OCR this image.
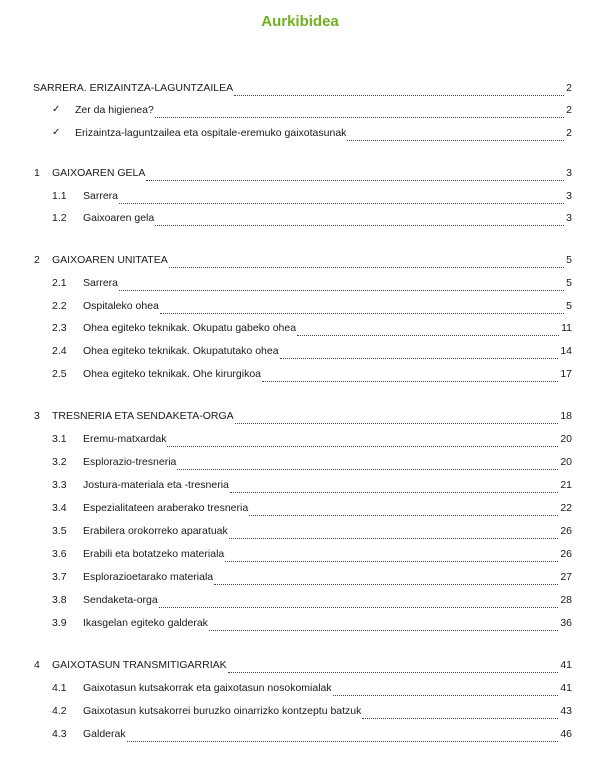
Aurkibidea
SARRERA. ERIZAINTZA-LAGUNTZAILEA	2
✓ Zer da higienea?	2
✓ Erizaintza-laguntzailea eta ospitale-eremuko gaixotasunak	2
1 GAIXOAREN GELA	3
1.1 Sarrera	3
1.2 Gaixoaren gela	3
2 GAIXOAREN UNITATEA	5
2.1 Sarrera	5
2.2 Ospitaleko ohea	5
2.3 Ohea egiteko teknikak. Okupatu gabeko ohea	11
2.4 Ohea egiteko teknikak. Okupatutako ohea	14
2.5 Ohea egiteko teknikak. Ohe kirurgikoa	17
3 TRESNERIA ETA SENDAKETA-ORGA	18
3.1 Eremu-matxardak	20
3.2 Esplorazio-tresneria	20
3.3 Jostura-materiala eta -tresneria	21
3.4 Espezialitateen araberako tresneria	22
3.5 Erabilera orokorreko aparatuak	26
3.6 Erabili eta botatzeko materiala	26
3.7 Esplorazioetarako materiala	27
3.8 Sendaketa-orga	28
3.9 Ikasgelan egiteko galderak	36
4 GAIXOTASUN TRANSMITIGARRIAK	41
4.1 Gaixotasun kutsakorrak eta gaixotasun nosokomialak	41
4.2 Gaixotasun kutsakorrei buruzko oinarrizko kontzeptu batzuk	43
4.3 Galderak	46
